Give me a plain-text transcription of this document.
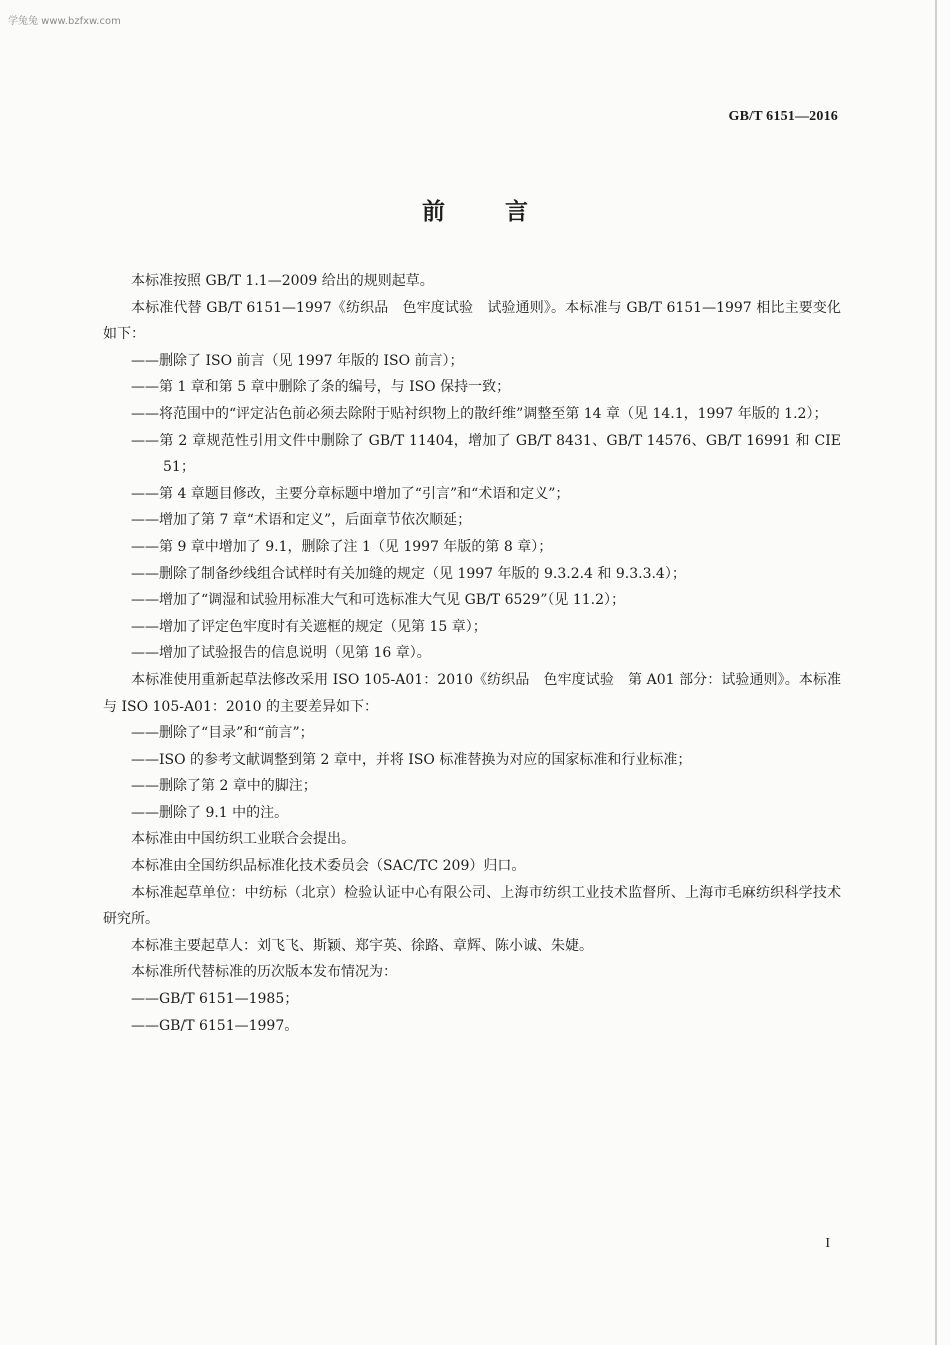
学兔兔 www.bzfxw.com
GB/T 6151—2016
前 言

本标准按照 GB/T 1.1—2009 给出的规则起草。

本标准代替 GB/T 6151—1997《纺织品　色牢度试验　试验通则》。本标准与 GB/T 6151—1997 相比主要变化如下：

——删除了 ISO 前言（见 1997 年版的 ISO 前言）；

——第 1 章和第 5 章中删除了条的编号，与 ISO 保持一致；

——将范围中的“评定沾色前必须去除附于贴衬织物上的散纤维”调整至第 14 章（见 14.1，1997 年版的 1.2）；

——第 2 章规范性引用文件中删除了 GB/T 11404，增加了 GB/T 8431、GB/T 14576、GB/T 16991 和 CIE 51；

——第 4 章题目修改，主要分章标题中增加了“引言”和“术语和定义”；

——增加了第 7 章“术语和定义”，后面章节依次顺延；

——第 9 章中增加了 9.1，删除了注 1（见 1997 年版的第 8 章）；

——删除了制备纱线组合试样时有关加缝的规定（见 1997 年版的 9.3.2.4 和 9.3.3.4）；

——增加了“调湿和试验用标准大气和可选标准大气见 GB/T 6529”（见 11.2）；

——增加了评定色牢度时有关遮框的规定（见第 15 章）；

——增加了试验报告的信息说明（见第 16 章）。

本标准使用重新起草法修改采用 ISO 105-A01：2010《纺织品　色牢度试验　第 A01 部分：试验通则》。本标准与 ISO 105-A01：2010 的主要差异如下：

——删除了“目录”和“前言”；

——ISO 的参考文献调整到第 2 章中，并将 ISO 标准替换为对应的国家标准和行业标准；

——删除了第 2 章中的脚注；

——删除了 9.1 中的注。

本标准由中国纺织工业联合会提出。

本标准由全国纺织品标准化技术委员会（SAC/TC 209）归口。

本标准起草单位：中纺标（北京）检验认证中心有限公司、上海市纺织工业技术监督所、上海市毛麻纺织科学技术研究所。

本标准主要起草人：刘飞飞、斯颖、郑宇英、徐路、章辉、陈小诚、朱婕。

本标准所代替标准的历次版本发布情况为：

——GB/T 6151—1985；

——GB/T 6151—1997。

I
